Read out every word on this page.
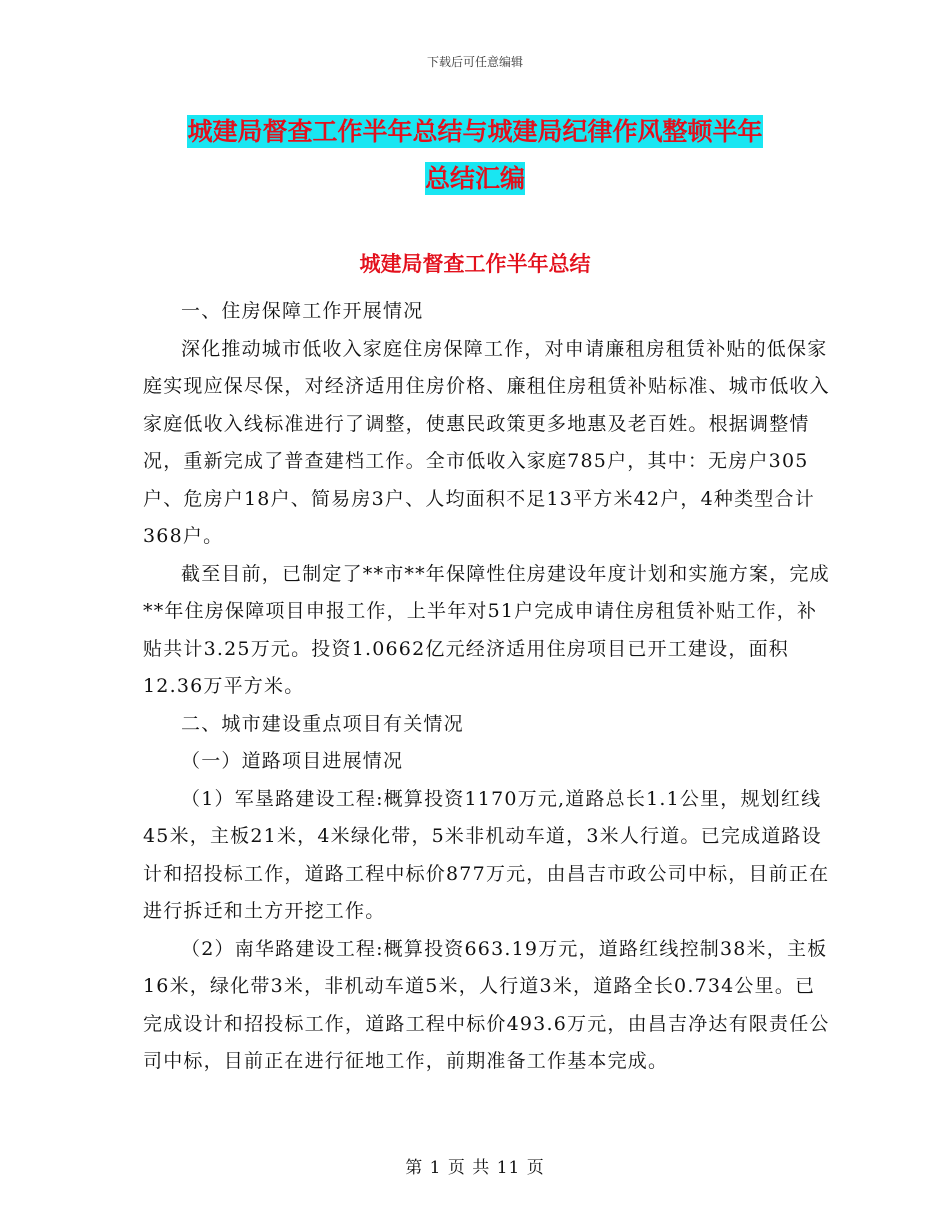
下载后可任意编辑
城建局督查工作半年总结与城建局纪律作风整顿半年
总结汇编
城建局督查工作半年总结

一、住房保障工作开展情况

深化推动城市低收入家庭住房保障工作，对申请廉租房租赁补贴的低保家庭实现应保尽保，对经济适用住房价格、廉租住房租赁补贴标准、城市低收入家庭低收入线标准进行了调整，使惠民政策更多地惠及老百姓。根据调整情况，重新完成了普查建档工作。全市低收入家庭785户，其中：无房户305户、危房户18户、简易房3户、人均面积不足13平方米42户，4种类型合计368户。

截至目前，已制定了**市**年保障性住房建设年度计划和实施方案，完成**年住房保障项目申报工作，上半年对51户完成申请住房租赁补贴工作，补贴共计3.25万元。投资1.0662亿元经济适用住房项目已开工建设，面积12.36万平方米。

二、城市建设重点项目有关情况

（一）道路项目进展情况

（1）军垦路建设工程:概算投资1170万元,道路总长1.1公里，规划红线45米，主板21米，4米绿化带，5米非机动车道，3米人行道。已完成道路设计和招投标工作，道路工程中标价877万元，由昌吉市政公司中标，目前正在进行拆迁和土方开挖工作。

（2）南华路建设工程:概算投资663.19万元，道路红线控制38米，主板16米，绿化带3米，非机动车道5米，人行道3米，道路全长0.734公里。已完成设计和招投标工作，道路工程中标价493.6万元，由昌吉净达有限责任公司中标，目前正在进行征地工作，前期准备工作基本完成。

第 1 页 共 11 页
